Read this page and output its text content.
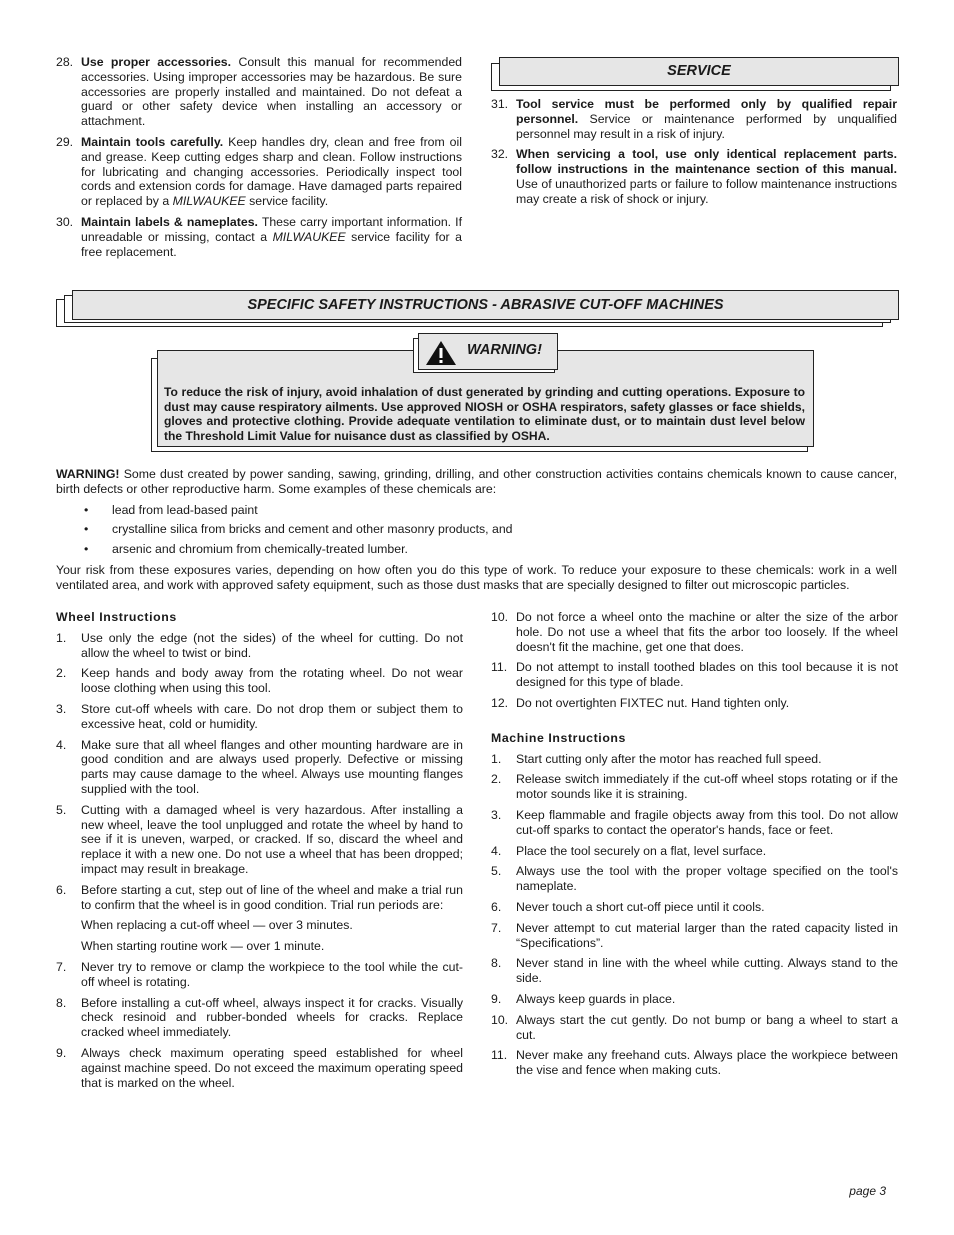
28. Use proper accessories. Consult this manual for recommended accessories. Using improper accessories may be hazardous. Be sure accessories are properly installed and maintained. Do not defeat a guard or other safety device when installing an accessory or attachment.
29. Maintain tools carefully. Keep handles dry, clean and free from oil and grease. Keep cutting edges sharp and clean. Follow instructions for lubricating and changing accessories. Periodically inspect tool cords and extension cords for damage. Have damaged parts repaired or replaced by a MILWAUKEE service facility.
30. Maintain labels & nameplates. These carry important information. If unreadable or missing, contact a MILWAUKEE service facility for a free replacement.
SERVICE
31. Tool service must be performed only by qualified repair personnel. Service or maintenance performed by unqualified personnel may result in a risk of injury.
32. When servicing a tool, use only identical replacement parts. follow instructions in the maintenance section of this manual. Use of unauthorized parts or failure to follow maintenance instructions may create a risk of shock or injury.
SPECIFIC SAFETY INSTRUCTIONS - ABRASIVE CUT-OFF MACHINES
To reduce the risk of injury, avoid inhalation of dust generated by grinding and cutting operations. Exposure to dust may cause respiratory ailments. Use approved NIOSH or OSHA respirators, safety glasses or face shields, gloves and protective clothing. Provide adequate ventilation to eliminate dust, or to maintain dust level below the Threshold Limit Value for nuisance dust as classified by OSHA.
WARNING!
WARNING! Some dust created by power sanding, sawing, grinding, drilling, and other construction activities contains chemicals known to cause cancer, birth defects or other reproductive harm. Some examples of these chemicals are:
• lead from lead-based paint
• crystalline silica from bricks and cement and other masonry products, and
• arsenic and chromium from chemically-treated lumber.
Your risk from these exposures varies, depending on how often you do this type of work. To reduce your exposure to these chemicals: work in a well ventilated area, and work with approved safety equipment, such as those dust masks that are specially designed to filter out microscopic particles.
Wheel Instructions
1. Use only the edge (not the sides) of the wheel for cutting. Do not allow the wheel to twist or bind.
2. Keep hands and body away from the rotating wheel. Do not wear loose clothing when using this tool.
3. Store cut-off wheels with care. Do not drop them or subject them to excessive heat, cold or humidity.
4. Make sure that all wheel flanges and other mounting hardware are in good condition and are always used properly. Defective or missing parts may cause damage to the wheel. Always use mounting flanges supplied with the tool.
5. Cutting with a damaged wheel is very hazardous. After installing a new wheel, leave the tool unplugged and rotate the wheel by hand to see if it is uneven, warped, or cracked. If so, discard the wheel and replace it with a new one. Do not use a wheel that has been dropped; impact may result in breakage.
6. Before starting a cut, step out of line of the wheel and make a trial run to confirm that the wheel is in good condition. Trial run periods are:
When replacing a cut-off wheel — over 3 minutes.
When starting routine work — over 1 minute.
7. Never try to remove or clamp the workpiece to the tool while the cut-off wheel is rotating.
8. Before installing a cut-off wheel, always inspect it for cracks. Visually check resinoid and rubber-bonded wheels for cracks. Replace cracked wheel immediately.
9. Always check maximum operating speed established for wheel against machine speed. Do not exceed the maximum operating speed that is marked on the wheel.
10. Do not force a wheel onto the machine or alter the size of the arbor hole. Do not use a wheel that fits the arbor too loosely. If the wheel doesn't fit the machine, get one that does.
11. Do not attempt to install toothed blades on this tool because it is not designed for this type of blade.
12. Do not overtighten FIXTEC nut. Hand tighten only.
Machine Instructions
1. Start cutting only after the motor has reached full speed.
2. Release switch immediately if the cut-off wheel stops rotating or if the motor sounds like it is straining.
3. Keep flammable and fragile objects away from this tool. Do not allow cut-off sparks to contact the operator's hands, face or feet.
4. Place the tool securely on a flat, level surface.
5. Always use the tool with the proper voltage specified on the tool's nameplate.
6. Never touch a short cut-off piece until it cools.
7. Never attempt to cut material larger than the rated capacity listed in “Specifications”.
8. Never stand in line with the wheel while cutting. Always stand to the side.
9. Always keep guards in place.
10. Always start the cut gently. Do not bump or bang a wheel to start a cut.
11. Never make any freehand cuts. Always place the workpiece between the vise and fence when making cuts.
page 3
